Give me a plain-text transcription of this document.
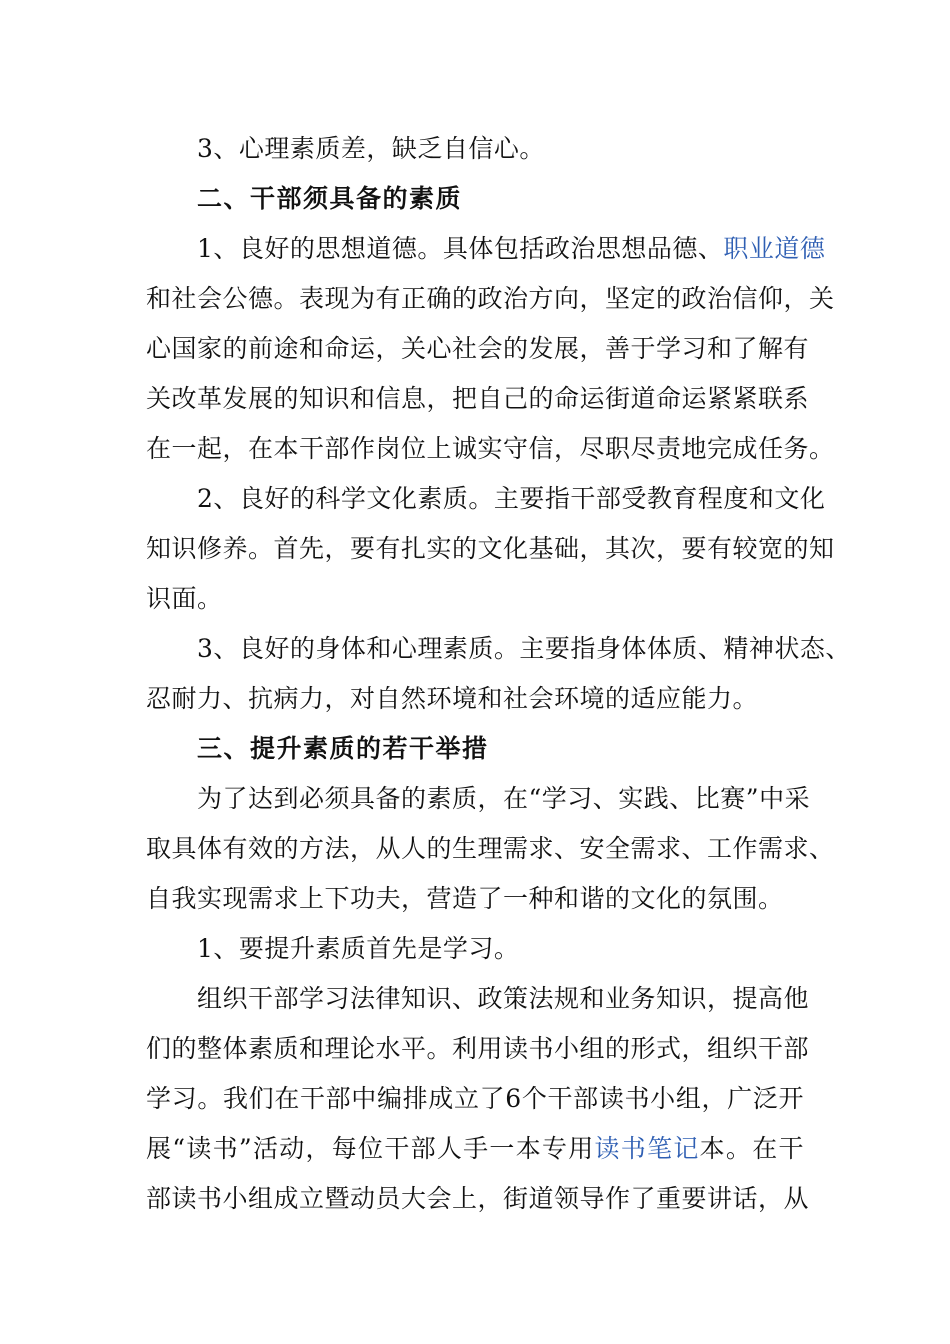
3、心理素质差，缺乏自信心。
二、干部须具备的素质
1、良好的思想道德。具体包括政治思想品德、职业道德
和社会公德。表现为有正确的政治方向，坚定的政治信仰，关
心国家的前途和命运，关心社会的发展，善于学习和了解有
关改革发展的知识和信息，把自己的命运街道命运紧紧联系
在一起，在本干部作岗位上诚实守信，尽职尽责地完成任务。
2、良好的科学文化素质。主要指干部受教育程度和文化
知识修养。首先，要有扎实的文化基础，其次，要有较宽的知
识面。
3、良好的身体和心理素质。主要指身体体质、精神状态、
忍耐力、抗病力，对自然环境和社会环境的适应能力。
三、提升素质的若干举措
为了达到必须具备的素质，在“学习、实践、比赛”中采
取具体有效的方法，从人的生理需求、安全需求、工作需求、
自我实现需求上下功夫，营造了一种和谐的文化的氛围。
1、要提升素质首先是学习。
组织干部学习法律知识、政策法规和业务知识，提高他
们的整体素质和理论水平。利用读书小组的形式，组织干部
学习。我们在干部中编排成立了6个干部读书小组，广泛开
展“读书”活动，每位干部人手一本专用读书笔记本。在干
部读书小组成立暨动员大会上，街道领导作了重要讲话，从
